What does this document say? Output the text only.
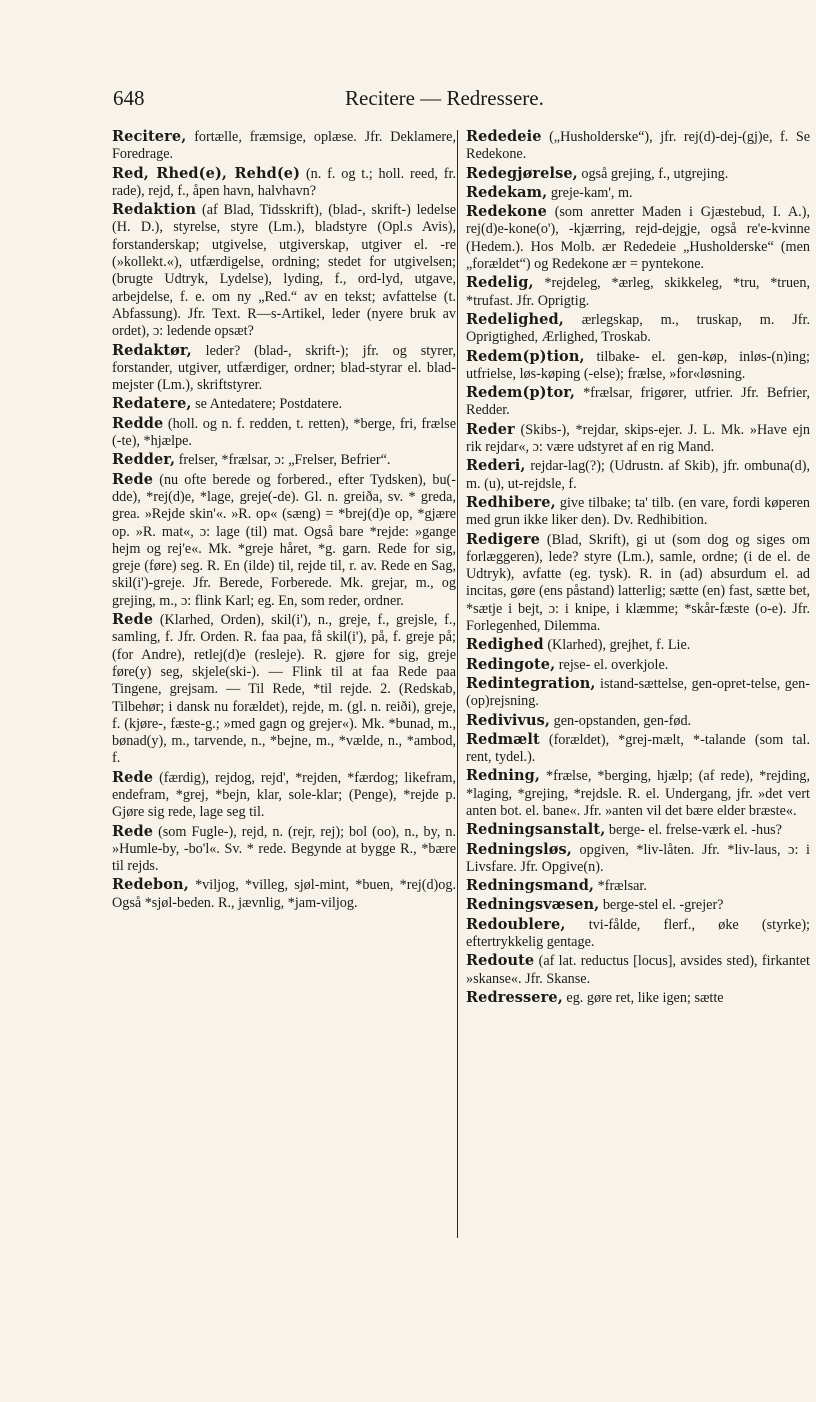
648	Recitere — Redressere.

Recitere, fortælle, fræmsige, oplæse. Jfr. Deklamere, Foredrage.

Red, Rhed(e), Rehd(e) (n. f. og t.; holl. reed, fr. rade), rejd, f., åpen havn, halvhavn?

Redaktion (af Blad, Tidsskrift), (blad-, skrift-) ledelse (H. D.), styrelse, styre (Lm.), bladstyre (Opl.s Avis), forstanderskap; utgivelse, utgiverskap, utgiver el. -re (»kollekt.«), utfærdigelse, ordning; stedet for utgivelsen; (brugte Udtryk, Lydelse), lyding, f., ord-lyd, utgave, arbejdelse, f. e. om ny „Red.“ av en tekst; avfattelse (t. Abfassung). Jfr. Text. R—s-Artikel, leder (nyere bruk av ordet), ɔ: ledende opsæt?

Redaktør, leder? (blad-, skrift-); jfr. og styrer, forstander, utgiver, utfærdiger, ordner; blad-styrar el. blad-mejster (Lm.), skriftstyrer.

Redatere, se Antedatere; Postdatere.

Redde (holl. og n. f. redden, t. retten), *berge, fri, frælse (-te), *hjælpe.

Redder, frelser, *frælsar, ɔ: „Frelser, Befrier“.

Rede (nu ofte berede og forbered., efter Tydsken), bu(-dde), *rej(d)e, *lage, greje(-de). Gl. n. greiða, sv. * greda, grea. »Rejde skin'«. »R. op« (sæng) = *brej(d)e op, *gjære op. »R. mat«, ɔ: lage (til) mat. Også bare *rejde: »gange hejm og rej'e«. Mk. *greje håret, *g. garn. Rede for sig, greje (føre) seg. R. En (ilde) til, rejde til, r. av. Rede en Sag, skil(i')-greje. Jfr. Berede, Forberede. Mk. grejar, m., og grejing, m., ɔ: flink Karl; eg. En, som reder, ordner.

Rede (Klarhed, Orden), skil(i'), n., greje, f., grejsle, f., samling, f. Jfr. Orden. R. faa paa, få skil(i'), på, f. greje på; (for Andre), retlej(d)e (resleje). R. gjøre for sig, greje føre(y) seg, skjele(ski-). — Flink til at faa Rede paa Tingene, grejsam. — Til Rede, *til rejde. 2. (Redskab, Tilbehør; i dansk nu forældet), rejde, m. (gl. n. reiði), greje, f. (kjøre-, fæste-g.; »med gagn og grejer«). Mk. *bunad, m., bønad(y), m., tarvende, n., *bejne, m., *vælde, n., *ambod, f.

Rede (færdig), rejdog, rejd', *rejden, *færdog; likefram, endefram, *grej, *bejn, klar, sole-klar; (Penge), *rejde p. Gjøre sig rede, lage seg til.

Rede (som Fugle-), rejd, n. (rejr, rej); bol (oo), n., by, n. »Humle-by, -bo'l«. Sv. * rede. Begynde at bygge R., *bære til rejds.

Redebon, *viljog, *villeg, sjøl-mint, *buen, *rej(d)og. Også *sjøl-beden. R., jævnlig, *jam-viljog.

Rededeie („Husholderske“), jfr. rej(d)-dej-(gj)e, f. Se Redekone.

Redegjørelse, også grejing, f., utgrejing.

Redekam, greje-kam', m.

Redekone (som anretter Maden i Gjæstebud, I. A.), rej(d)e-kone(o'), -kjærring, rejd-dejgje, også re'e-kvinne (Hedem.). Hos Molb. ær Rededeie „Husholderske“ (men „forældet“) og Redekone ær = pyntekone.

Redelig, *rejdeleg, *ærleg, skikkeleg, *tru, *truen, *trufast. Jfr. Oprigtig.

Redelighed, ærlegskap, m., truskap, m. Jfr. Oprigtighed, Ærlighed, Troskab.

Redem(p)tion, tilbake- el. gen-køp, inløs-(n)ing; utfrielse, løs-køping (-else); frælse, »for«løsning.

Redem(p)tor, *frælsar, frigører, utfrier. Jfr. Befrier, Redder.

Reder (Skibs-), *rejdar, skips-ejer. J. L. Mk. »Have ejn rik rejdar«, ɔ: være udstyret af en rig Mand.

Rederi, rejdar-lag(?); (Udrustn. af Skib), jfr. ombuna(d), m. (u), ut-rejdsle, f.

Redhibere, give tilbake; ta' tilb. (en vare, fordi køperen med grun ikke liker den). Dv. Redhibition.

Redigere (Blad, Skrift), gi ut (som dog og siges om forlæggeren), lede? styre (Lm.), samle, ordne; (i de el. de Udtryk), avfatte (eg. tysk). R. in (ad) absurdum el. ad incitas, gøre (ens påstand) latterlig; sætte (en) fast, sætte bet, *sætje i bejt, ɔ: i knipe, i klæmme; *skår-fæste (o-e). Jfr. Forlegenhed, Dilemma.

Redighed (Klarhed), grejhet, f. Lie.

Redingote, rejse- el. overkjole.

Redintegration, istand-sættelse, gen-opret-telse, gen-(op)rejsning.

Redivivus, gen-opstanden, gen-fød.

Redmælt (forældet), *grej-mælt, *-talande (som tal. rent, tydel.).

Redning, *frælse, *berging, hjælp; (af rede), *rejding, *laging, *grejing, *rejdsle. R. el. Undergang, jfr. »det vert anten bot. el. bane«. Jfr. »anten vil det bære elder bræste«.

Redningsanstalt, berge- el. frelse-værk el. -hus?

Redningsløs, opgiven, *liv-låten. Jfr. *liv-laus, ɔ: i Livsfare. Jfr. Opgive(n).

Redningsmand, *frælsar.

Redningsvæsen, berge-stel el. -grejer?

Redoublere, tvi-fålde, flerf., øke (styrke); eftertrykkelig gentage.

Redoute (af lat. reductus [locus], avsides sted), firkantet »skanse«. Jfr. Skanse.

Redressere, eg. gøre ret, like igen; sætte
